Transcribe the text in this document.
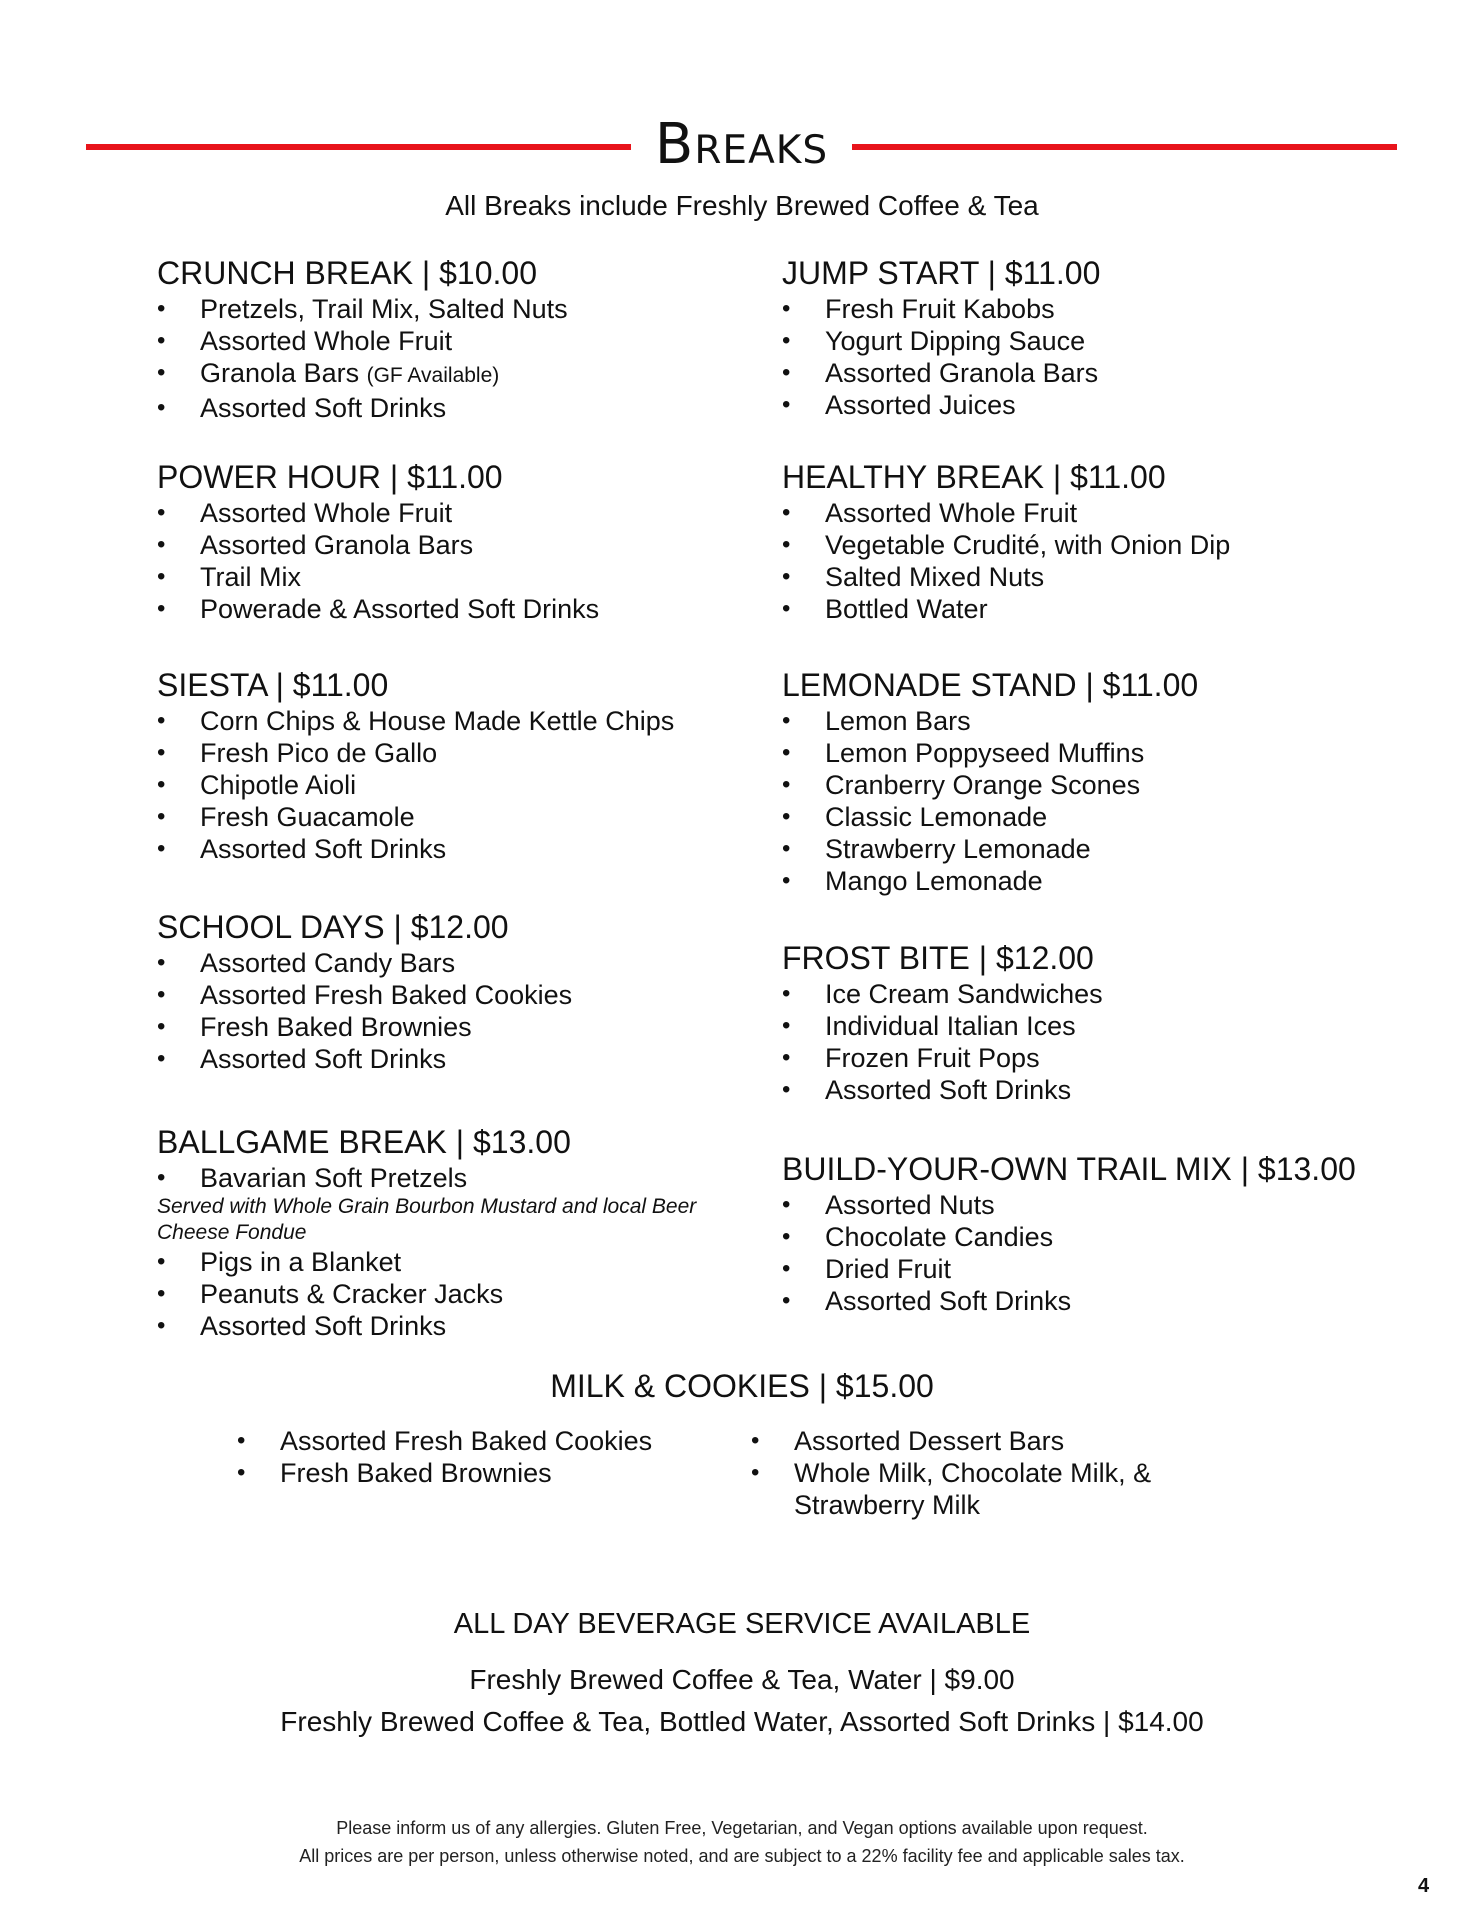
Breaks
All Breaks include Freshly Brewed Coffee & Tea
CRUNCH BREAK | $10.00
• Pretzels, Trail Mix, Salted Nuts
• Assorted Whole Fruit
• Granola Bars (GF Available)
• Assorted Soft Drinks
JUMP START | $11.00
• Fresh Fruit Kabobs
• Yogurt Dipping Sauce
• Assorted Granola Bars
• Assorted Juices
POWER HOUR | $11.00
• Assorted Whole Fruit
• Assorted Granola Bars
• Trail Mix
• Powerade & Assorted Soft Drinks
HEALTHY BREAK | $11.00
• Assorted Whole Fruit
• Vegetable Crudité, with Onion Dip
• Salted Mixed Nuts
• Bottled Water
SIESTA | $11.00
• Corn Chips & House Made Kettle Chips
• Fresh Pico de Gallo
• Chipotle Aioli
• Fresh Guacamole
• Assorted Soft Drinks
LEMONADE STAND | $11.00
• Lemon Bars
• Lemon Poppyseed Muffins
• Cranberry Orange Scones
• Classic Lemonade
• Strawberry Lemonade
• Mango Lemonade
SCHOOL DAYS | $12.00
• Assorted Candy Bars
• Assorted Fresh Baked Cookies
• Fresh Baked Brownies
• Assorted Soft Drinks
FROST BITE | $12.00
• Ice Cream Sandwiches
• Individual Italian Ices
• Frozen Fruit Pops
• Assorted Soft Drinks
BALLGAME BREAK | $13.00
• Bavarian Soft Pretzels
Served with Whole Grain Bourbon Mustard and local Beer Cheese Fondue
• Pigs in a Blanket
• Peanuts & Cracker Jacks
• Assorted Soft Drinks
BUILD-YOUR-OWN TRAIL MIX | $13.00
• Assorted Nuts
• Chocolate Candies
• Dried Fruit
• Assorted Soft Drinks
MILK & COOKIES | $15.00
• Assorted Fresh Baked Cookies
• Fresh Baked Brownies
• Assorted Dessert Bars
• Whole Milk, Chocolate Milk, & Strawberry Milk
ALL DAY BEVERAGE SERVICE AVAILABLE
Freshly Brewed Coffee & Tea, Water | $9.00
Freshly Brewed Coffee & Tea, Bottled Water, Assorted Soft Drinks | $14.00
Please inform us of any allergies. Gluten Free, Vegetarian, and Vegan options available upon request.
All prices are per person, unless otherwise noted, and are subject to a 22% facility fee and applicable sales tax.
4
